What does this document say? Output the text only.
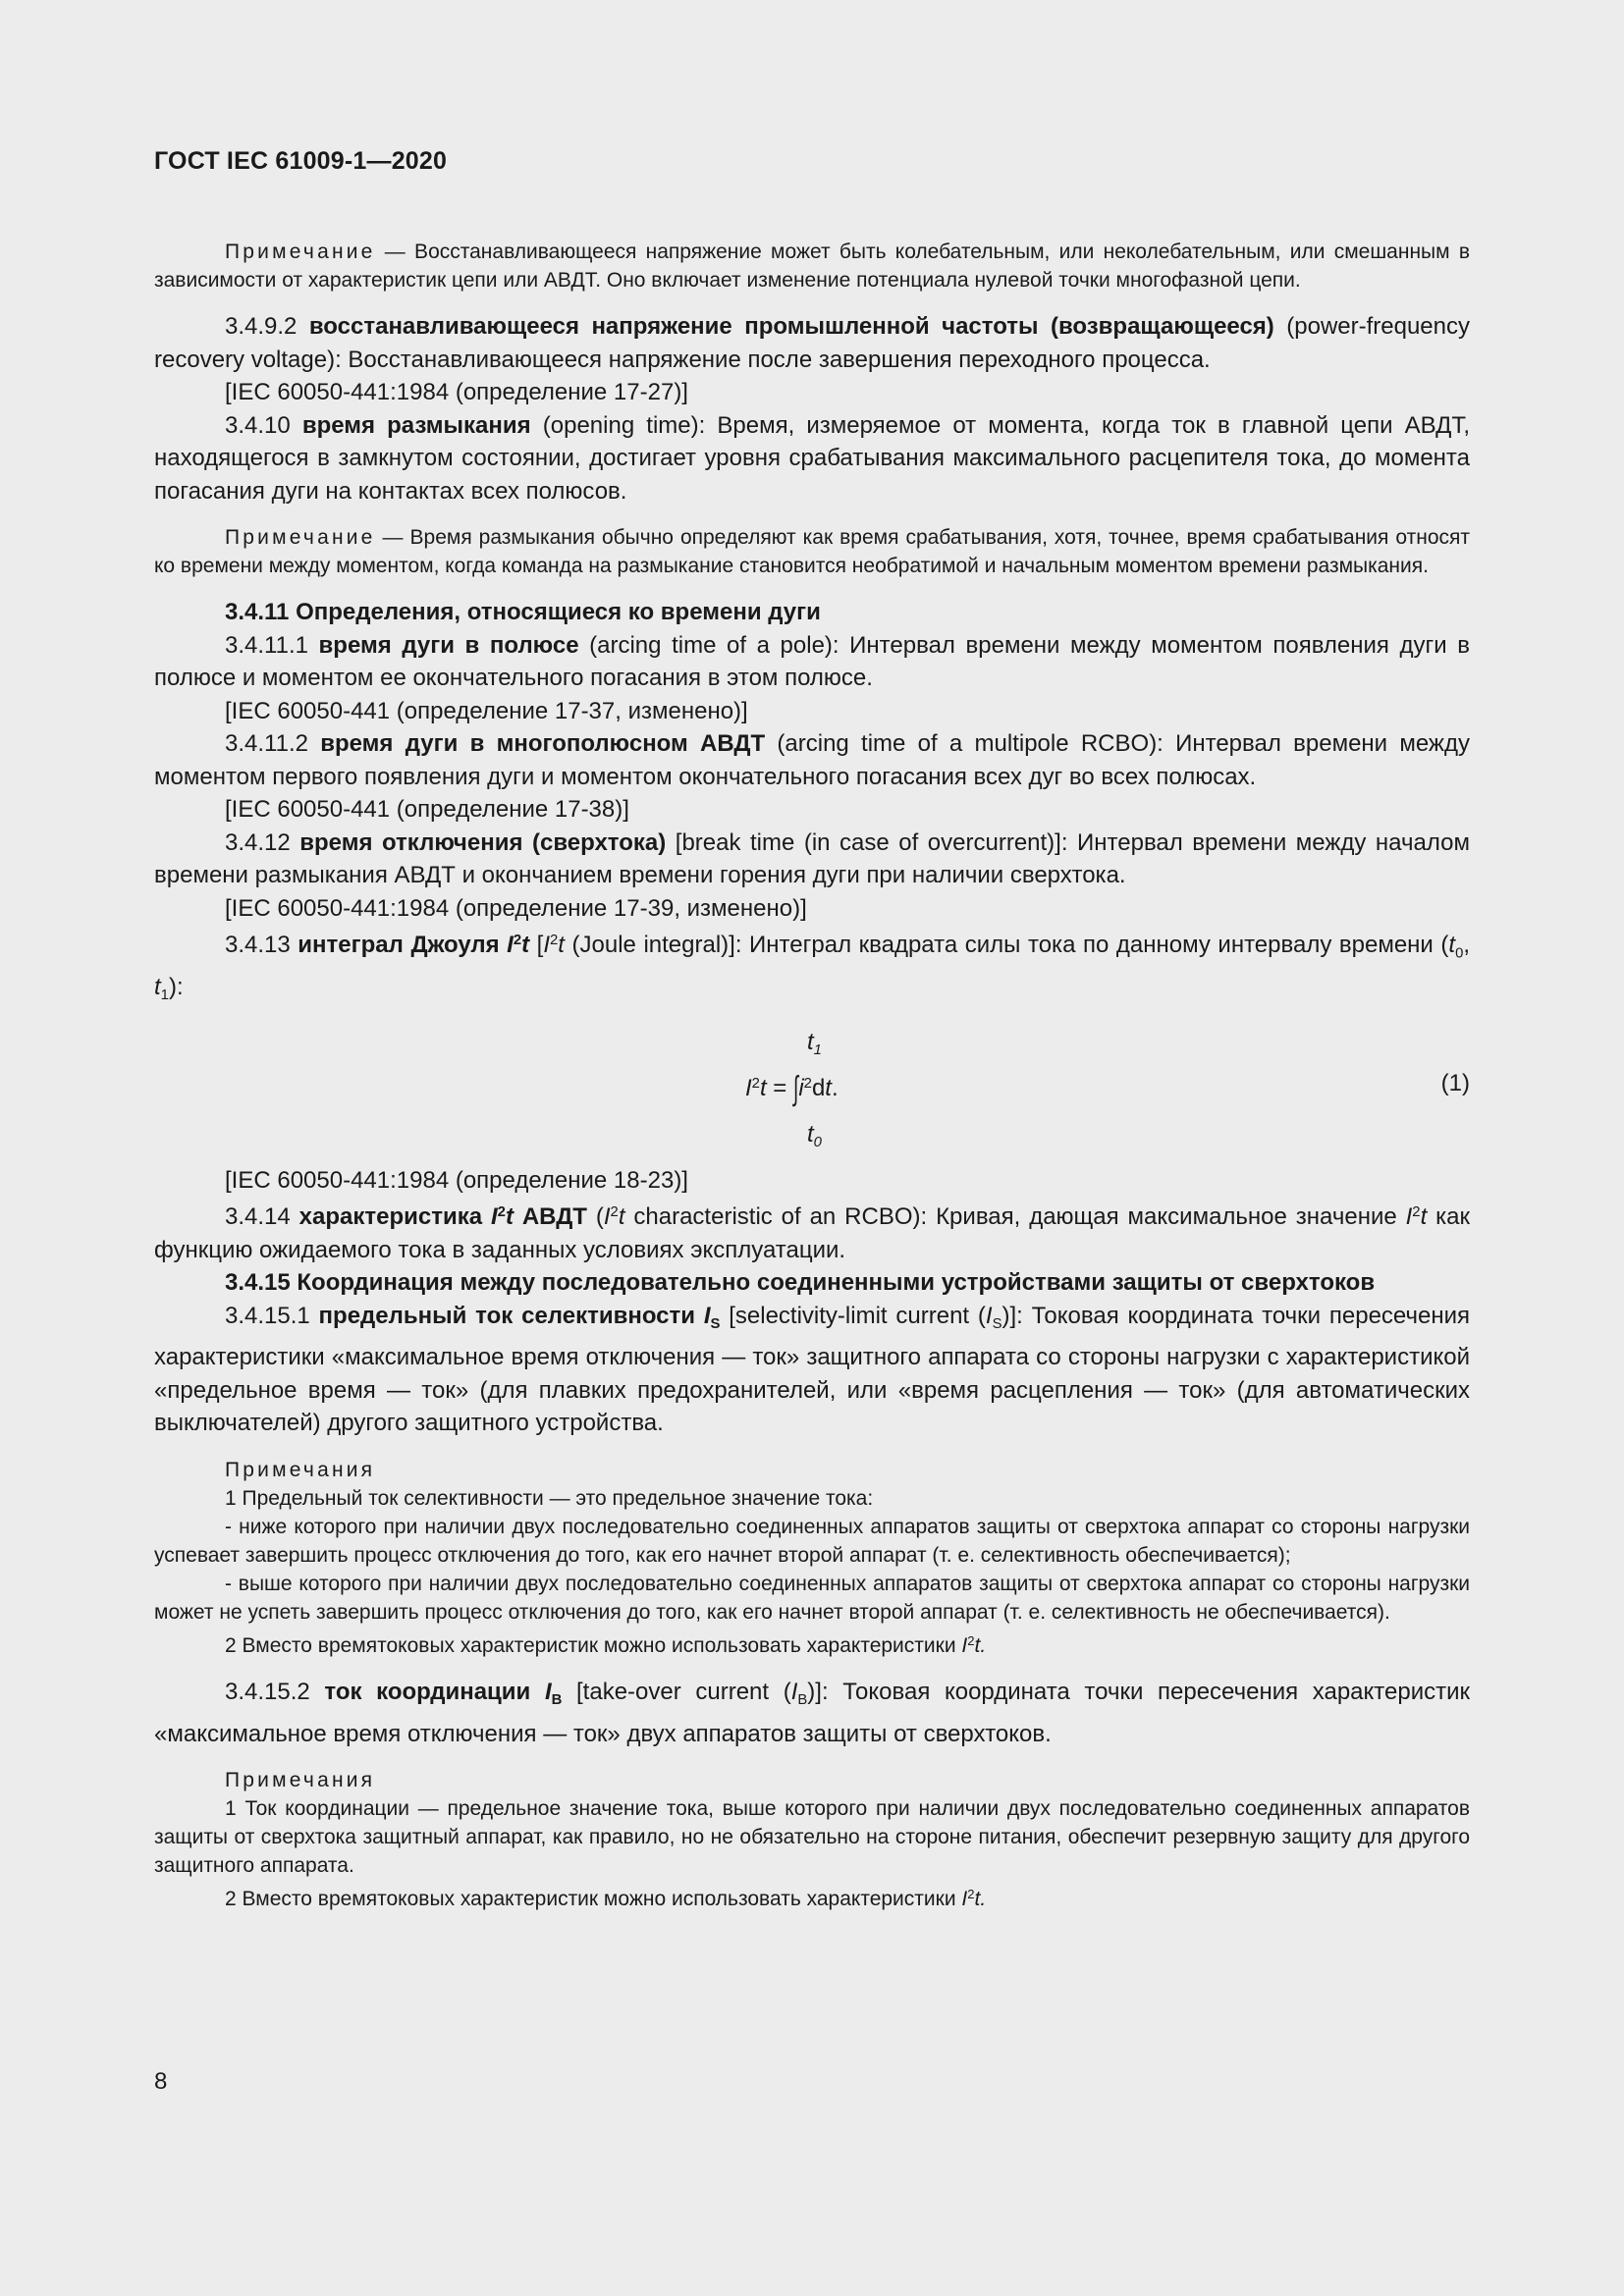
ГОСТ IEC 61009-1—2020

Примечание — Восстанавливающееся напряжение может быть колебательным, или неколебательным, или смешанным в зависимости от характеристик цепи или АВДТ. Оно включает изменение потенциала нулевой точки многофазной цепи.

3.4.9.2 восстанавливающееся напряжение промышленной частоты (возвращающееся) (power-frequency recovery voltage): Восстанавливающееся напряжение после завершения переходного процесса.

[IEC 60050-441:1984 (определение 17-27)]

3.4.10 время размыкания (opening time): Время, измеряемое от момента, когда ток в главной цепи АВДТ, находящегося в замкнутом состоянии, достигает уровня срабатывания максимального расцепителя тока, до момента погасания дуги на контактах всех полюсов.

Примечание — Время размыкания обычно определяют как время срабатывания, хотя, точнее, время срабатывания относят ко времени между моментом, когда команда на размыкание становится необратимой и начальным моментом времени размыкания.

3.4.11 Определения, относящиеся ко времени дуги

3.4.11.1 время дуги в полюсе (arcing time of a pole): Интервал времени между моментом появления дуги в полюсе и моментом ее окончательного погасания в этом полюсе.

[IEC 60050-441 (определение 17-37, изменено)]

3.4.11.2 время дуги в многополюсном АВДТ (arcing time of a multipole RCBO): Интервал времени между моментом первого появления дуги и моментом окончательного погасания всех дуг во всех полюсах.

[IEC 60050-441 (определение 17-38)]

3.4.12 время отключения (сверхтока) [break time (in case of overcurrent)]: Интервал времени между началом времени размыкания АВДТ и окончанием времени горения дуги при наличии сверхтока.

[IEC 60050-441:1984 (определение 17-39, изменено)]

3.4.13 интеграл Джоуля $I^2t$ [$I^2t$ (Joule integral)]: Интеграл квадрата силы тока по данному интервалу времени ($t_0$, $t_1$):

$t_1$
$I^2t = \int i^2dt$.
$t_0$
(1)

[IEC 60050-441:1984 (определение 18-23)]

3.4.14 характеристика $I^2t$ АВДТ ($I^2t$ characteristic of an RCBO): Кривая, дающая максимальное значение $I^2t$ как функцию ожидаемого тока в заданных условиях эксплуатации.

3.4.15 Координация между последовательно соединенными устройствами защиты от сверхтоков

3.4.15.1 предельный ток селективности $I_S$ [selectivity-limit current $(I_S)$]: Токовая координата точки пересечения характеристики «максимальное время отключения — ток» защитного аппарата со стороны нагрузки с характеристикой «предельное время — ток» (для плавких предохранителей, или «время расцепления — ток» (для автоматических выключателей) другого защитного устройства.

Примечания

1 Предельный ток селективности — это предельное значение тока:

- ниже которого при наличии двух последовательно соединенных аппаратов защиты от сверхтока аппарат со стороны нагрузки успевает завершить процесс отключения до того, как его начнет второй аппарат (т. е. селективность обеспечивается);

- выше которого при наличии двух последовательно соединенных аппаратов защиты от сверхтока аппарат со стороны нагрузки может не успеть завершить процесс отключения до того, как его начнет второй аппарат (т. е. селективность не обеспечивается).

2 Вместо времятоковых характеристик можно использовать характеристики $I^2t$.

3.4.15.2 ток координации $I_B$ [take-over current $(I_B)$]: Токовая координата точки пересечения характеристик «максимальное время отключения — ток» двух аппаратов защиты от сверхтоков.

Примечания

1 Ток координации — предельное значение тока, выше которого при наличии двух последовательно соединенных аппаратов защиты от сверхтока защитный аппарат, как правило, но не обязательно на стороне питания, обеспечит резервную защиту для другого защитного аппарата.

2 Вместо времятоковых характеристик можно использовать характеристики $I^2t$.

8
